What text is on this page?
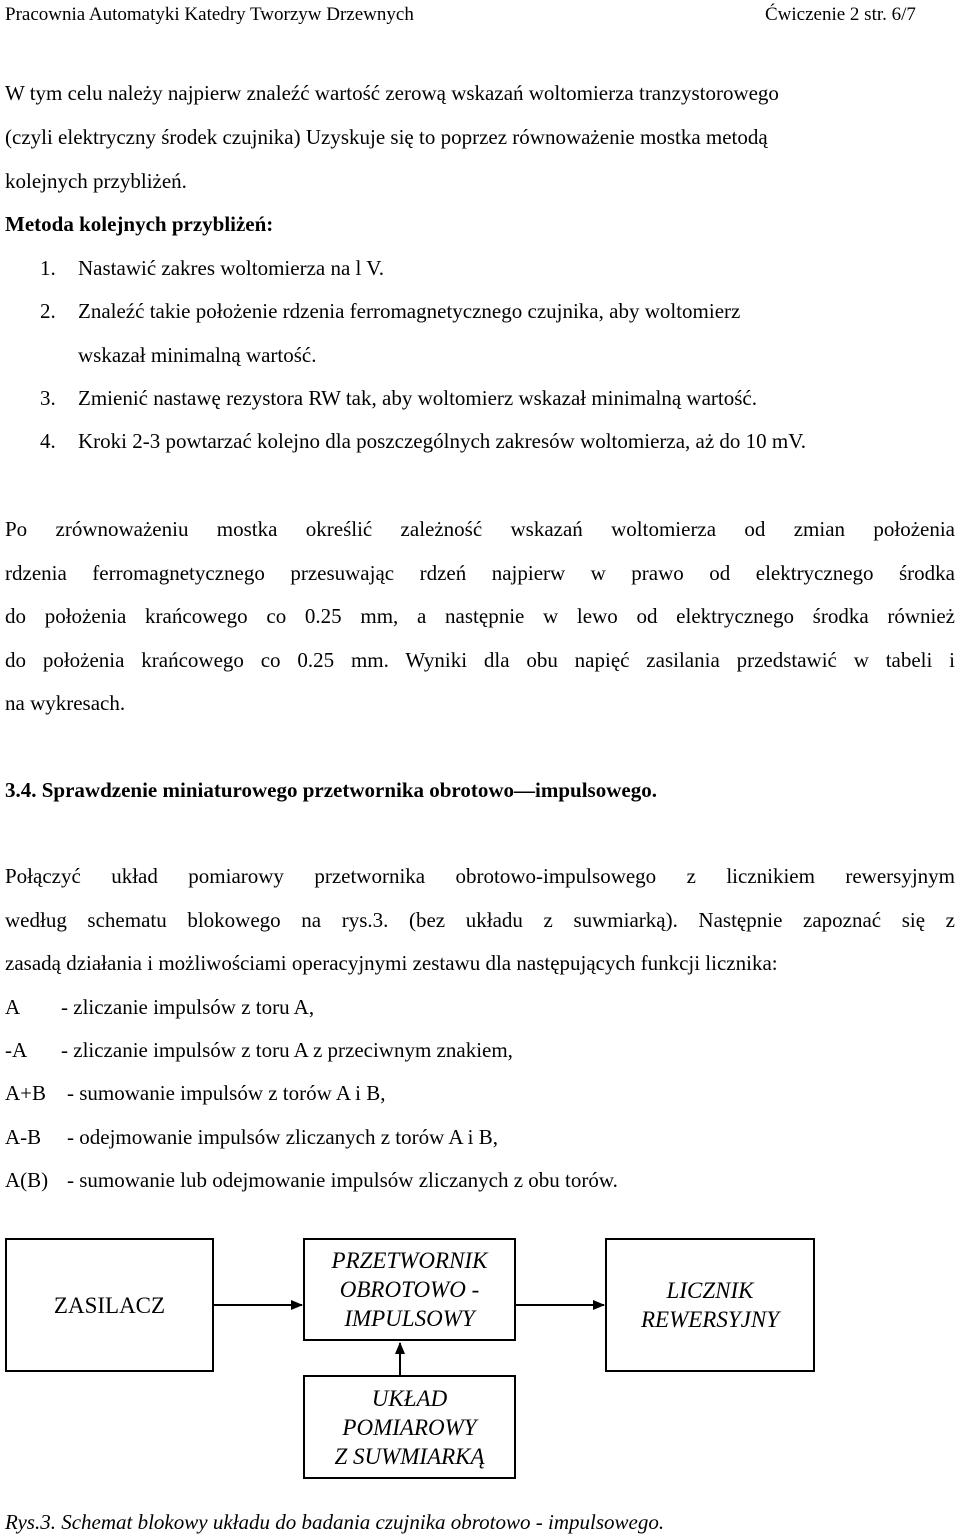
Pracownia Automatyki Katedry Tworzyw Drzewnych	Ćwiczenie 2 str. 6/7
W tym celu należy najpierw znaleźć wartość zerową wskazań woltomierza tranzystorowego
(czyli elektryczny środek czujnika) Uzyskuje się to poprzez równoważenie mostka metodą
kolejnych przybliżeń.
Metoda kolejnych przybliżeń:
1. Nastawić zakres woltomierza na l V.
2. Znaleźć takie położenie rdzenia ferromagnetycznego czujnika, aby woltomierz
wskazał minimalną wartość.
3. Zmienić nastawę rezystora RW tak, aby woltomierz wskazał minimalną wartość.
4. Kroki 2-3 powtarzać kolejno dla poszczególnych zakresów woltomierza, aż do 10 mV.
Po zrównoważeniu mostka określić zależność wskazań woltomierza od zmian położenia
rdzenia ferromagnetycznego przesuwając rdzeń najpierw w prawo od elektrycznego środka
do położenia krańcowego co 0.25 mm, a następnie w lewo od elektrycznego środka również
do położenia krańcowego co 0.25 mm. Wyniki dla obu napięć zasilania przedstawić w tabeli i
na wykresach.
3.4. Sprawdzenie miniaturowego przetwornika obrotowo—impulsowego.
Połączyć układ pomiarowy przetwornika obrotowo-impulsowego z licznikiem rewersyjnym
według schematu blokowego na rys.3. (bez układu z suwmiarką). Następnie zapoznać się z
zasadą działania i możliwościami operacyjnymi zestawu dla następujących funkcji licznika:
A - zliczanie impulsów z toru A,
-A - zliczanie impulsów z toru A z przeciwnym znakiem,
A+B - sumowanie impulsów z torów A i B,
A-B - odejmowanie impulsów zliczanych z torów A i B,
A(B) - sumowanie lub odejmowanie impulsów zliczanych z obu torów.
ZASILACZ
PRZETWORNIK
OBROTOWO -
IMPULSOWY
LICZNIK
REWERSYJNY
UKŁAD
POMIAROWY
Z SUWMIARKĄ
Rys.3. Schemat blokowy układu do badania czujnika obrotowo - impulsowego.
